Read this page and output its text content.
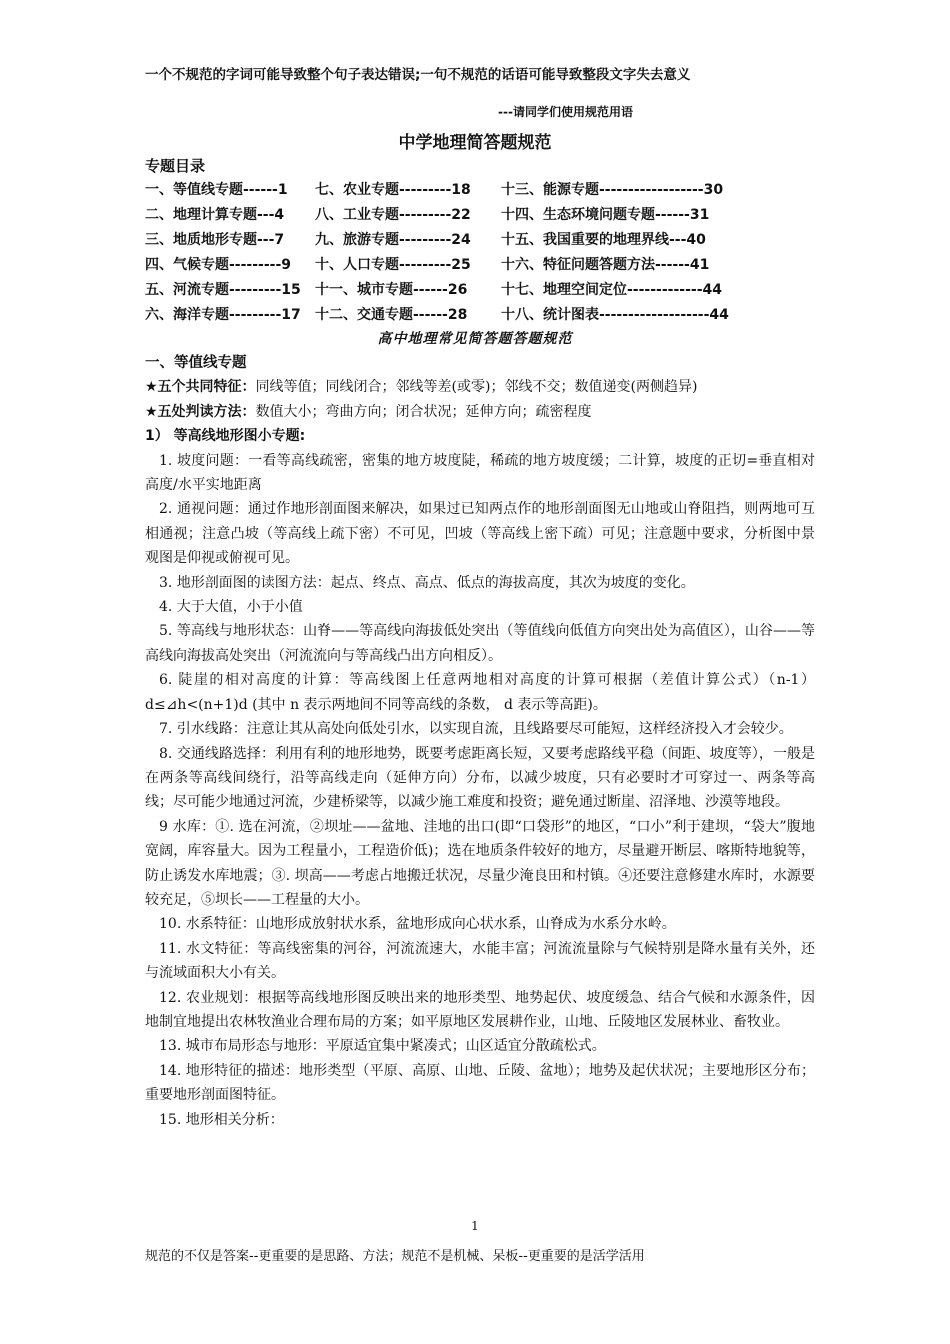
一个不规范的字词可能导致整个句子表达错误;一句不规范的话语可能导致整段文字失去意义
---请同学们使用规范用语
中学地理简答题规范
专题目录
一、等值线专题------1 七、农业专题---------18 十三、能源专题------------------30
二、地理计算专题---4 八、工业专题---------22 十四、生态环境问题专题------31
三、地质地形专题---7 九、旅游专题---------24 十五、我国重要的地理界线---40
四、气候专题---------9 十、人口专题---------25 十六、特征问题答题方法------41
五、河流专题---------15 十一、城市专题------26 十七、地理空间定位-------------44
六、海洋专题---------17 十二、交通专题------28 十八、统计图表-------------------44
高中地理常见简答题答题规范
一、等值线专题
★五个共同特征：同线等值；同线闭合；邻线等差(或零)；邻线不交；数值递变(两侧趋异)
★五处判读方法：数值大小；弯曲方向；闭合状况；延伸方向；疏密程度
1） 等高线地形图小专题:

1. 坡度问题：一看等高线疏密，密集的地方坡度陡，稀疏的地方坡度缓；二计算，坡度的正切=垂直相对高度/水平实地距离

2. 通视问题：通过作地形剖面图来解决，如果过已知两点作的地形剖面图无山地或山脊阻挡，则两地可互相通视；注意凸坡（等高线上疏下密）不可见，凹坡（等高线上密下疏）可见；注意题中要求，分析图中景观图是仰视或俯视可见。

3. 地形剖面图的读图方法：起点、终点、高点、低点的海拔高度，其次为坡度的变化。

4. 大于大值，小于小值

5. 等高线与地形状态：山脊——等高线向海拔低处突出（等值线向低值方向突出处为高值区），山谷——等高线向海拔高处突出（河流流向与等高线凸出方向相反）。

6. 陡崖的相对高度的计算：等高线图上任意两地相对高度的计算可根据（差值计算公式）（n-1）d≤⊿h<(n+1)d (其中 n 表示两地间不同等高线的条数， d 表示等高距)。

7. 引水线路：注意让其从高处向低处引水，以实现自流，且线路要尽可能短，这样经济投入才会较少。

8. 交通线路选择：利用有利的地形地势，既要考虑距离长短，又要考虑路线平稳（间距、坡度等），一般是在两条等高线间绕行，沿等高线走向（延伸方向）分布，以减少坡度，只有必要时才可穿过一、两条等高线；尽可能少地通过河流，少建桥梁等，以减少施工难度和投资；避免通过断崖、沼泽地、沙漠等地段。

9 水库：①. 选在河流，②坝址——盆地、洼地的出口(即“口袋形”的地区，“口小”利于建坝，“袋大”腹地宽阔，库容量大。因为工程量小，工程造价低)；选在地质条件较好的地方，尽量避开断层、喀斯特地貌等，防止诱发水库地震；③. 坝高——考虑占地搬迁状况，尽量少淹良田和村镇。④还要注意修建水库时，水源要较充足，⑤坝长——工程量的大小。

10. 水系特征：山地形成放射状水系，盆地形成向心状水系，山脊成为水系分水岭。

11. 水文特征：等高线密集的河谷，河流流速大，水能丰富；河流流量除与气候特别是降水量有关外，还与流域面积大小有关。

12. 农业规划：根据等高线地形图反映出来的地形类型、地势起伏、坡度缓急、结合气候和水源条件，因地制宜地提出农林牧渔业合理布局的方案；如平原地区发展耕作业，山地、丘陵地区发展林业、畜牧业。

13. 城市布局形态与地形：平原适宜集中紧凑式；山区适宜分散疏松式。

14. 地形特征的描述：地形类型（平原、高原、山地、丘陵、盆地）；地势及起伏状况；主要地形区分布；重要地形剖面图特征。

15. 地形相关分析：

1
规范的不仅是答案--更重要的是思路、方法；规范不是机械、呆板--更重要的是活学活用
